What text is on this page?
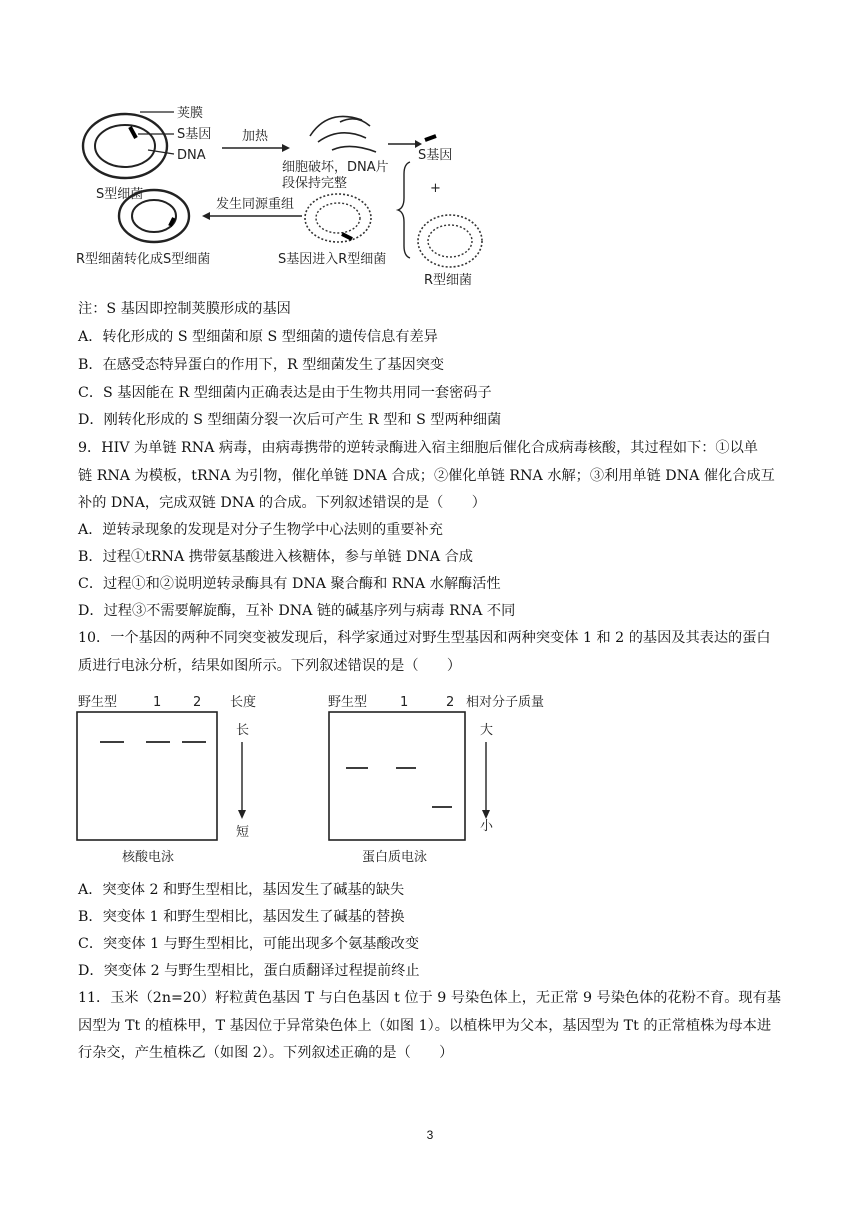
荚膜
S基因
DNA
S型细菌
加热
细胞破坏，DNA片
段保持完整
S基因
+
R型细菌
S基因进入R型细菌
发生同源重组
R型细菌转化成S型细菌
注：S 基因即控制荚膜形成的基因
A．转化形成的 S 型细菌和原 S 型细菌的遗传信息有差异
B．在感受态特异蛋白的作用下，R 型细菌发生了基因突变
C．S 基因能在 R 型细菌内正确表达是由于生物共用同一套密码子
D．刚转化形成的 S 型细菌分裂一次后可产生 R 型和 S 型两种细菌
9．HIV 为单链 RNA 病毒，由病毒携带的逆转录酶进入宿主细胞后催化合成病毒核酸，其过程如下：①以单
链 RNA 为模板，tRNA 为引物，催化单链 DNA 合成；②催化单链 RNA 水解；③利用单链 DNA 催化合成互
补的 DNA，完成双链 DNA 的合成。下列叙述错误的是（　　）
A．逆转录现象的发现是对分子生物学中心法则的重要补充
B．过程①tRNA 携带氨基酸进入核糖体，参与单链 DNA 合成
C．过程①和②说明逆转录酶具有 DNA 聚合酶和 RNA 水解酶活性
D．过程③不需要解旋酶，互补 DNA 链的碱基序列与病毒 RNA 不同
10．一个基因的两种不同突变被发现后，科学家通过对野生型基因和两种突变体 1 和 2 的基因及其表达的蛋白
质进行电泳分析，结果如图所示。下列叙述错误的是（　　）
野生型	1 2 长度
长
短
核酸电泳
野生型	1	2 相对分子质量
大
小
蛋白质电泳
A．突变体 2 和野生型相比，基因发生了碱基的缺失
B．突变体 1 和野生型相比，基因发生了碱基的替换
C．突变体 1 与野生型相比，可能出现多个氨基酸改变
D．突变体 2 与野生型相比，蛋白质翻译过程提前终止
11．玉米（2n=20）籽粒黄色基因 T 与白色基因 t 位于 9 号染色体上，无正常 9 号染色体的花粉不育。现有基
因型为 Tt 的植株甲，T 基因位于异常染色体上（如图 1）。以植株甲为父本，基因型为 Tt 的正常植株为母本进
行杂交，产生植株乙（如图 2）。下列叙述正确的是（　　）
3
